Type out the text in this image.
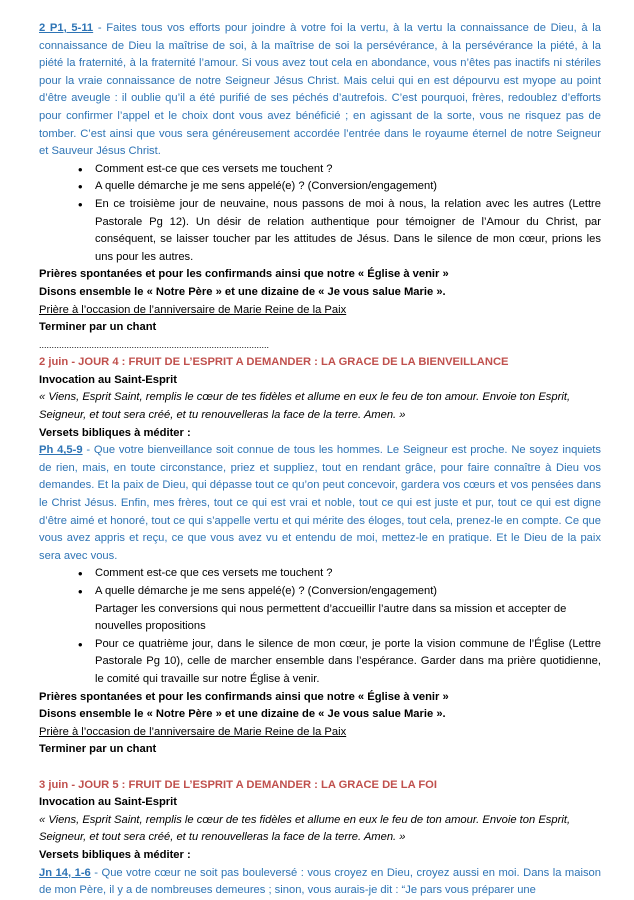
2 P1, 5-11 - Faites tous vos efforts pour joindre à votre foi la vertu, à la vertu la connaissance de Dieu, à la connaissance de Dieu la maîtrise de soi, à la maîtrise de soi la persévérance, à la persévérance la piété, à la piété la fraternité, à la fraternité l’amour. Si vous avez tout cela en abondance, vous n’êtes pas inactifs ni stériles pour la vraie connaissance de notre Seigneur Jésus Christ. Mais celui qui en est dépourvu est myope au point d’être aveugle : il oublie qu’il a été purifié de ses péchés d’autrefois. C’est pourquoi, frères, redoublez d’efforts pour confirmer l’appel et le choix dont vous avez bénéficié ; en agissant de la sorte, vous ne risquez pas de tomber. C’est ainsi que vous sera généreusement accordée l’entrée dans le royaume éternel de notre Seigneur et Sauveur Jésus Christ.

• Comment est-ce que ces versets me touchent ?
• A quelle démarche je me sens appelé(e) ? (Conversion/engagement)
• En ce troisième jour de neuvaine, nous passons de moi à nous, la relation avec les autres (Lettre Pastorale Pg 12). Un désir de relation authentique pour témoigner de l’Amour du Christ, par conséquent, se laisser toucher par les attitudes de Jésus. Dans le silence de mon cœur, prions les uns pour les autres.

Prières spontanées et pour les confirmands ainsi que notre « Église à venir »

Disons ensemble le « Notre Père » et une dizaine de « Je vous salue Marie ».

Prière à l’occasion de l’anniversaire de Marie Reine de la Paix

Terminer par un chant

............................................................................................

2 juin - JOUR 4 : FRUIT DE L’ESPRIT A DEMANDER : LA GRACE DE LA BIENVEILLANCE

Invocation au Saint-Esprit

« Viens, Esprit Saint, remplis le cœur de tes fidèles et allume en eux le feu de ton amour. Envoie ton Esprit, Seigneur, et tout sera créé, et tu renouvelleras la face de la terre. Amen. »

Versets bibliques à méditer :

Ph 4,5-9 - Que votre bienveillance soit connue de tous les hommes. Le Seigneur est proche. Ne soyez inquiets de rien, mais, en toute circonstance, priez et suppliez, tout en rendant grâce, pour faire connaître à Dieu vos demandes. Et la paix de Dieu, qui dépasse tout ce qu’on peut concevoir, gardera vos cœurs et vos pensées dans le Christ Jésus. Enfin, mes frères, tout ce qui est vrai et noble, tout ce qui est juste et pur, tout ce qui est digne d’être aimé et honoré, tout ce qui s’appelle vertu et qui mérite des éloges, tout cela, prenez-le en compte. Ce que vous avez appris et reçu, ce que vous avez vu et entendu de moi, mettez-le en pratique. Et le Dieu de la paix sera avec vous.

• Comment est-ce que ces versets me touchent ?
• A quelle démarche je me sens appelé(e) ? (Conversion/engagement)
Partager les conversions qui nous permettent d’accueillir l’autre dans sa mission et accepter de nouvelles propositions
• Pour ce quatrième jour, dans le silence de mon cœur, je porte la vision commune de l’Église (Lettre Pastorale Pg 10), celle de marcher ensemble dans l’espérance. Garder dans ma prière quotidienne, le comité qui travaille sur notre Église à venir.

Prières spontanées et pour les confirmands ainsi que notre « Église à venir »

Disons ensemble le « Notre Père » et une dizaine de « Je vous salue Marie ».

Prière à l’occasion de l’anniversaire de Marie Reine de la Paix

Terminer par un chant

3 juin - JOUR 5 : FRUIT DE L’ESPRIT A DEMANDER : LA GRACE DE LA FOI

Invocation au Saint-Esprit

« Viens, Esprit Saint, remplis le cœur de tes fidèles et allume en eux le feu de ton amour. Envoie ton Esprit, Seigneur, et tout sera créé, et tu renouvelleras la face de la terre. Amen. »

Versets bibliques à méditer :

Jn 14, 1-6 - Que votre cœur ne soit pas bouleversé : vous croyez en Dieu, croyez aussi en moi. Dans la maison de mon Père, il y a de nombreuses demeures ; sinon, vous aurais-je dit : “Je pars vous préparer une
